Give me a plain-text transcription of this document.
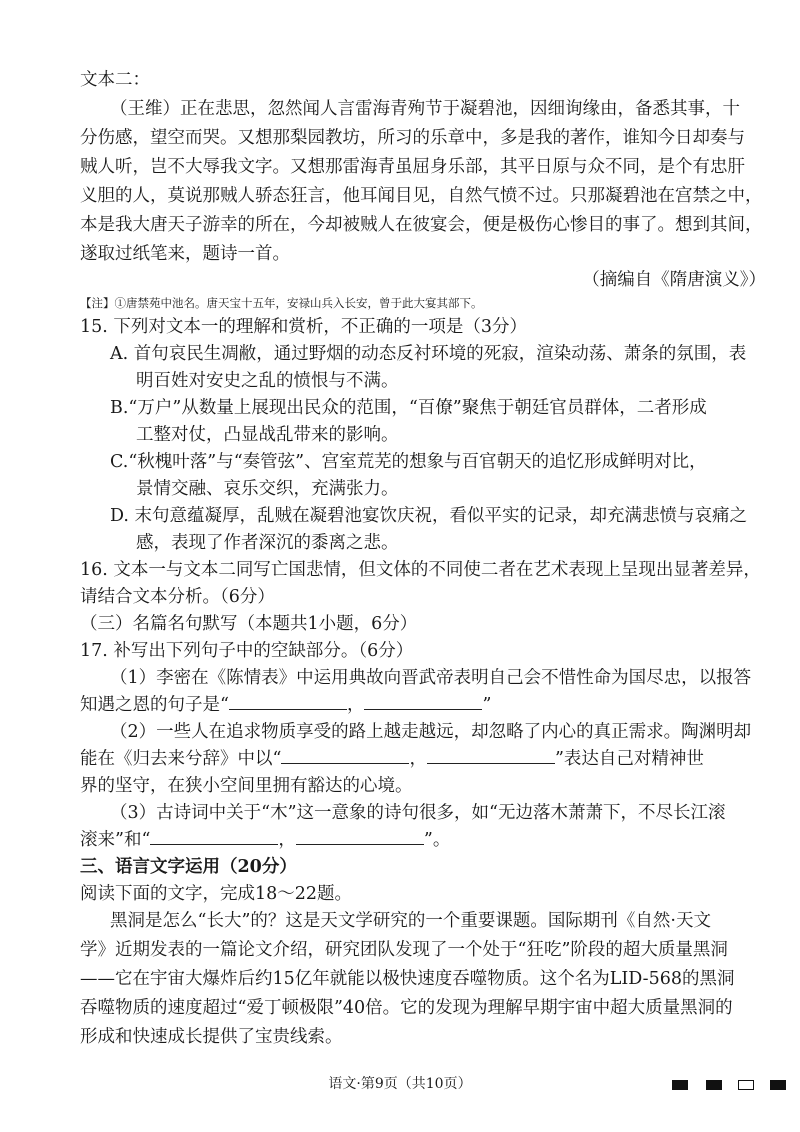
文本二：
（王维）正在悲思，忽然闻人言雷海青殉节于凝碧池，因细询缘由，备悉其事，十
分伤感，望空而哭。又想那梨园教坊，所习的乐章中，多是我的著作，谁知今日却奏与
贼人听，岂不大辱我文字。又想那雷海青虽屈身乐部，其平日原与众不同，是个有忠肝
义胆的人，莫说那贼人骄态狂言，他耳闻目见，自然气愤不过。只那凝碧池在宫禁之中，
本是我大唐天子游幸的所在，今却被贼人在彼宴会，便是极伤心惨目的事了。想到其间，
遂取过纸笔来，题诗一首。
（摘编自《隋唐演义》）
【注】①唐禁苑中池名。唐天宝十五年，安禄山兵入长安，曾于此大宴其部下。
15. 下列对文本一的理解和赏析，不正确的一项是（3分）
A. 首句哀民生凋敝，通过野烟的动态反衬环境的死寂，渲染动荡、萧条的氛围，表
明百姓对安史之乱的愤恨与不满。
B.“万户”从数量上展现出民众的范围，“百僚”聚焦于朝廷官员群体，二者形成
工整对仗，凸显战乱带来的影响。
C.“秋槐叶落”与“奏管弦”、宫室荒芜的想象与百官朝天的追忆形成鲜明对比，
景情交融、哀乐交织，充满张力。
D. 末句意蕴凝厚，乱贼在凝碧池宴饮庆祝，看似平实的记录，却充满悲愤与哀痛之
感，表现了作者深沉的黍离之悲。
16. 文本一与文本二同写亡国悲情，但文体的不同使二者在艺术表现上呈现出显著差异，
请结合文本分析。（6分）
（三）名篇名句默写（本题共1小题，6分）
17. 补写出下列句子中的空缺部分。（6分）
（1）李密在《陈情表》中运用典故向晋武帝表明自己会不惜性命为国尽忠，以报答
知遇之恩的句子是“	，	”
（2）一些人在追求物质享受的路上越走越远，却忽略了内心的真正需求。陶渊明却
能在《归去来兮辞》中以“	，	”表达自己对精神世
界的坚守，在狭小空间里拥有豁达的心境。
（3）古诗词中关于“木”这一意象的诗句很多，如“无边落木萧萧下，不尽长江滚
滚来”和“	，	”。
三、语言文字运用（20分）
阅读下面的文字，完成18～22题。
黑洞是怎么“长大”的？这是天文学研究的一个重要课题。国际期刊《自然·天文
学》近期发表的一篇论文介绍，研究团队发现了一个处于“狂吃”阶段的超大质量黑洞
——它在宇宙大爆炸后约15亿年就能以极快速度吞噬物质。这个名为LID-568的黑洞
吞噬物质的速度超过“爱丁顿极限”40倍。它的发现为理解早期宇宙中超大质量黑洞的
形成和快速成长提供了宝贵线索。
语文·第9页（共10页）
